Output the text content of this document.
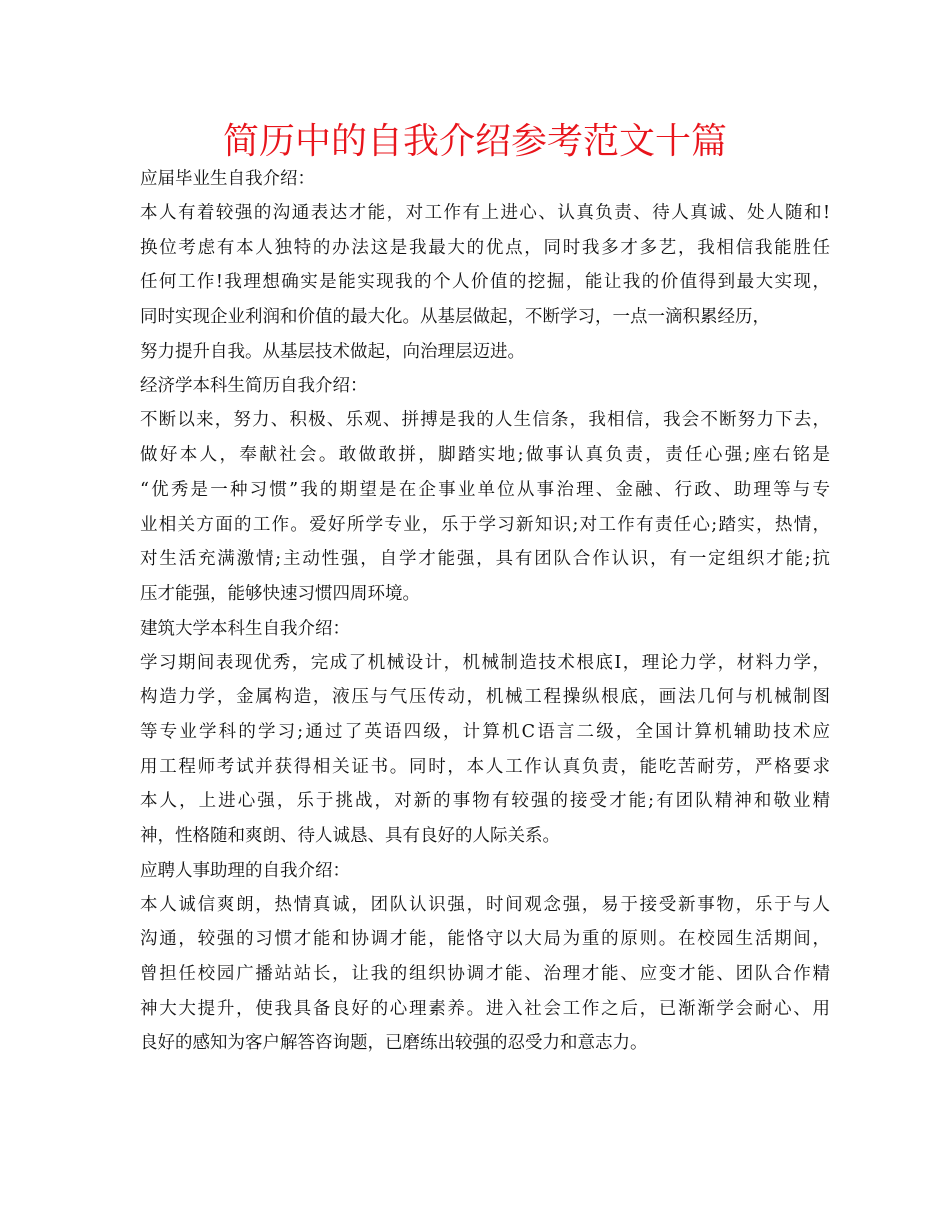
简历中的自我介绍参考范文十篇

应届毕业生自我介绍：

本人有着较强的沟通表达才能，对工作有上进心、认真负责、待人真诚、处人随和!
换位考虑有本人独特的办法这是我最大的优点，同时我多才多艺，我相信我能胜任
任何工作!我理想确实是能实现我的个人价值的挖掘，能让我的价值得到最大实现，
同时实现企业利润和价值的最大化。从基层做起，不断学习，一点一滴积累经历，
努力提升自我。从基层技术做起，向治理层迈进。

经济学本科生简历自我介绍：

不断以来，努力、积极、乐观、拼搏是我的人生信条，我相信，我会不断努力下去，
做好本人，奉献社会。敢做敢拼，脚踏实地;做事认真负责，责任心强;座右铭是
“优秀是一种习惯”我的期望是在企事业单位从事治理、金融、行政、助理等与专
业相关方面的工作。爱好所学专业，乐于学习新知识;对工作有责任心;踏实，热情，
对生活充满激情;主动性强，自学才能强，具有团队合作认识，有一定组织才能;抗
压才能强，能够快速习惯四周环境。

建筑大学本科生自我介绍：

学习期间表现优秀，完成了机械设计，机械制造技术根底Ⅰ，理论力学，材料力学，
构造力学，金属构造，液压与气压传动，机械工程操纵根底，画法几何与机械制图
等专业学科的学习;通过了英语四级，计算机C语言二级，全国计算机辅助技术应
用工程师考试并获得相关证书。同时，本人工作认真负责，能吃苦耐劳，严格要求
本人，上进心强，乐于挑战，对新的事物有较强的接受才能;有团队精神和敬业精
神，性格随和爽朗、待人诚恳、具有良好的人际关系。

应聘人事助理的自我介绍：

本人诚信爽朗，热情真诚，团队认识强，时间观念强，易于接受新事物，乐于与人
沟通，较强的习惯才能和协调才能，能恪守以大局为重的原则。在校园生活期间，
曾担任校园广播站站长，让我的组织协调才能、治理才能、应变才能、团队合作精
神大大提升，使我具备良好的心理素养。进入社会工作之后，已渐渐学会耐心、用
良好的感知为客户解答咨询题，已磨练出较强的忍受力和意志力。
